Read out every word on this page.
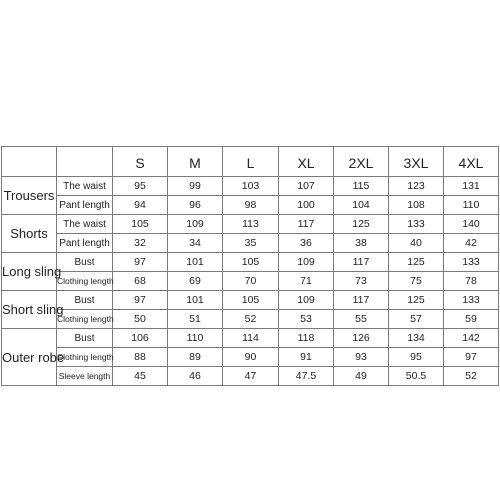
		S	M	L	XL	2XL	3XL	4XL
Trousers	The waist	95	99	103	107	115	123	131
	Pant length	94	96	98	100	104	108	110
Shorts	The waist	105	109	113	117	125	133	140
	Pant length	32	34	35	36	38	40	42
Long sling	Bust	97	101	105	109	117	125	133
	Clothing length	68	69	70	71	73	75	78
Short sling	Bust	97	101	105	109	117	125	133
	Clothing length	50	51	52	53	55	57	59
Outer robe	Bust	106	110	114	118	126	134	142
	Clothing length	88	89	90	91	93	95	97
	Sleeve length	45	46	47	47.5	49	50.5	52
